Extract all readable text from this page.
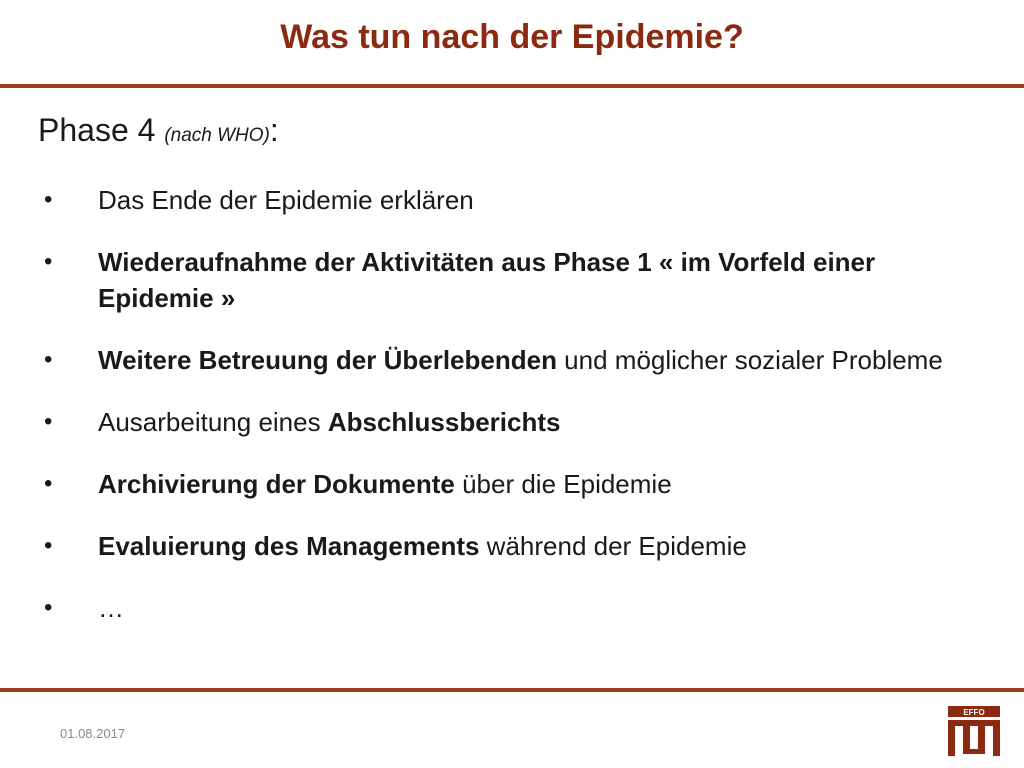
Was tun nach der Epidemie?
Phase 4 (nach WHO):
• Das Ende der Epidemie erklären
• Wiederaufnahme der Aktivitäten aus Phase 1 « im Vorfeld einer Epidemie »
• Weitere Betreuung der Überlebenden und möglicher sozialer Probleme
• Ausarbeitung eines Abschlussberichts
• Archivierung der Dokumente über die Epidemie
• Evaluierung des Managements während der Epidemie
• …
01.08.2017
EFFO
